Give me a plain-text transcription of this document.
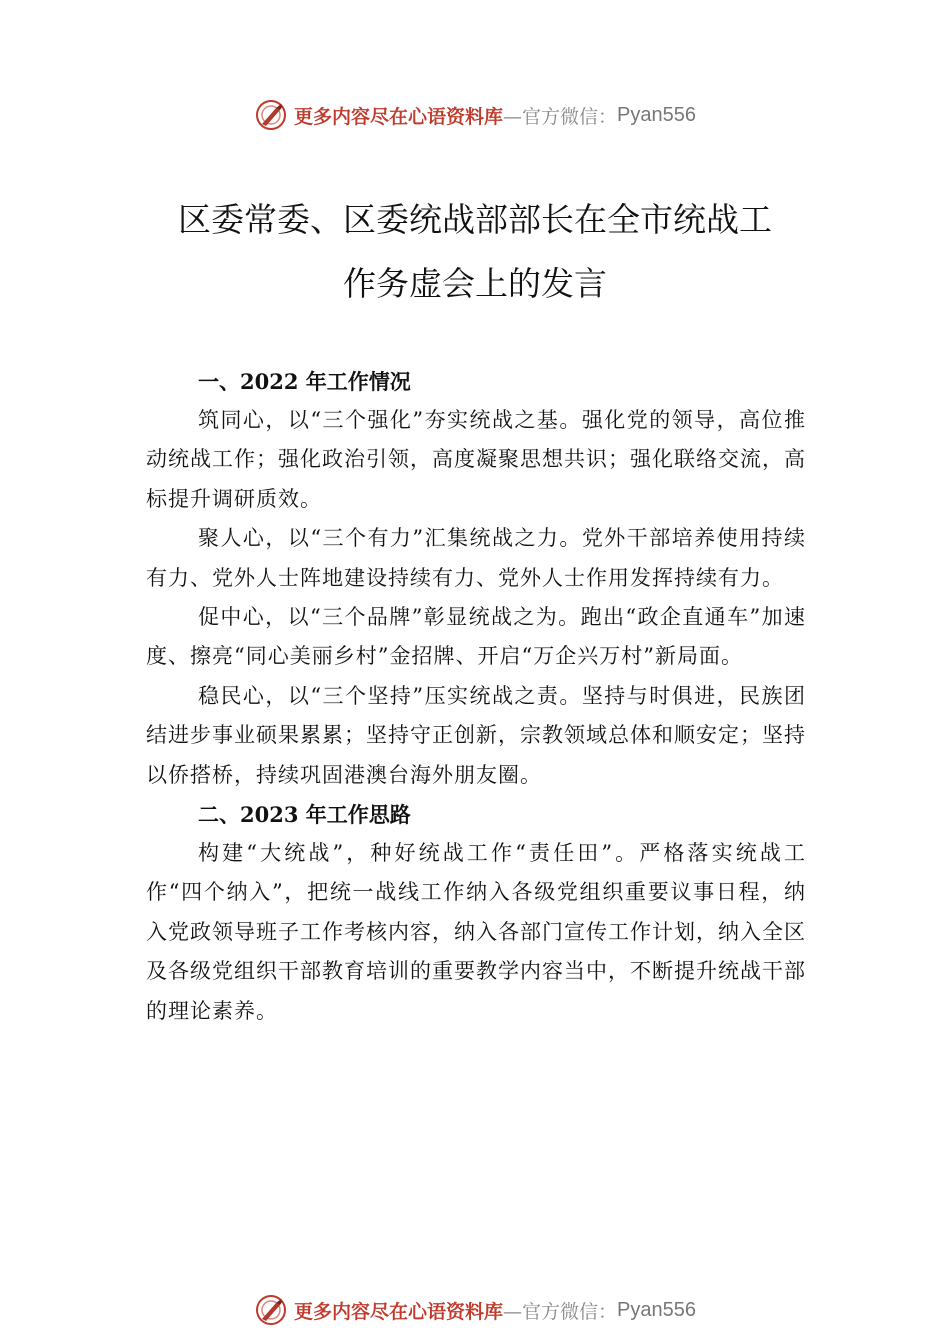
更多内容尽在心语资料库 —官方微信： Pyan556
区委常委、区委统战部部长在全市统战工
作务虚会上的发言
一、2022 年工作情况

筑同心，以“三个强化”夯实统战之基。强化党的领导，高位推动统战工作；强化政治引领，高度凝聚思想共识；强化联络交流，高标提升调研质效。

聚人心，以“三个有力”汇集统战之力。党外干部培养使用持续有力、党外人士阵地建设持续有力、党外人士作用发挥持续有力。

促中心，以“三个品牌”彰显统战之为。跑出“政企直通车”加速度、擦亮“同心美丽乡村”金招牌、开启“万企兴万村”新局面。

稳民心，以“三个坚持”压实统战之责。坚持与时俱进，民族团结进步事业硕果累累；坚持守正创新，宗教领域总体和顺安定；坚持以侨搭桥，持续巩固港澳台海外朋友圈。

二、2023 年工作思路

构建“大统战”，种好统战工作“责任田”。严格落实统战工作“四个纳入”，把统一战线工作纳入各级党组织重要议事日程，纳入党政领导班子工作考核内容，纳入各部门宣传工作计划，纳入全区及各级党组织干部教育培训的重要教学内容当中，不断提升统战干部的理论素养。

更多内容尽在心语资料库 —官方微信： Pyan556
